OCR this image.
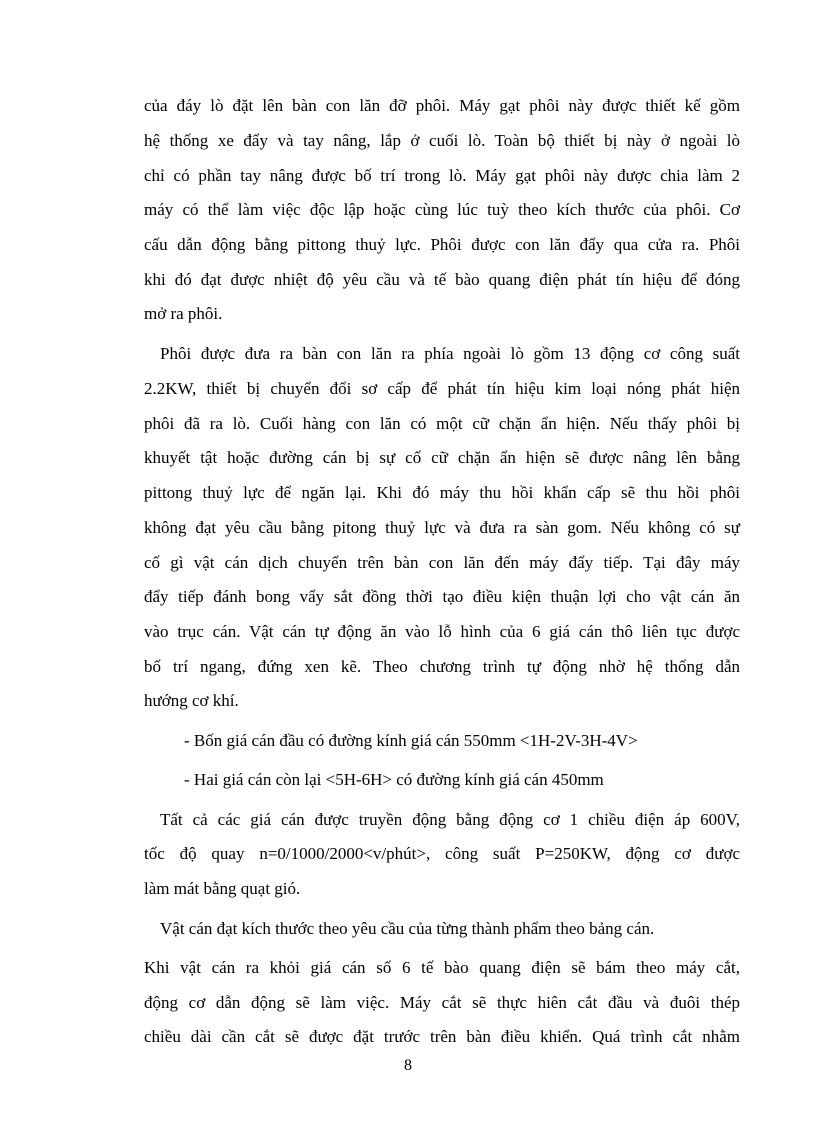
của đáy lò đặt lên bàn con lăn đỡ phôi. Máy gạt phôi này được thiết kế gồm
hệ thống xe đẩy và tay nâng, lắp ở cuối lò. Toàn bộ thiết bị này ở ngoài lò
chỉ có phần tay nâng được bố trí trong lò. Máy gạt phôi này được chia làm 2
máy có thể làm việc độc lập hoặc cùng lúc tuỳ theo kích thước của phôi. Cơ
cấu dẫn động bằng pittong thuỷ lực. Phôi được con lăn đẩy qua cửa ra. Phôi
khi đó đạt được nhiệt độ yêu cầu và tế bào quang điện phát tín hiệu để đóng
mở ra phôi.
Phôi được đưa ra bàn con lăn ra phía ngoài lò gồm 13 động cơ công suất
2.2KW, thiết bị chuyển đổi sơ cấp để phát tín hiệu kim loại nóng phát hiện
phôi đã ra lò. Cuối hàng con lăn có một cữ chặn ẩn hiện. Nếu thấy phôi bị
khuyết tật hoặc đường cán bị sự cố cữ chặn ẩn hiện sẽ được nâng lên bằng
pittong thuỷ lực để ngăn lại. Khi đó máy thu hồi khẩn cấp sẽ thu hồi phôi
không đạt yêu cầu bằng pitong thuỷ lực và đưa ra sàn gom. Nếu không có sự
cố gì vật cán dịch chuyển trên bàn con lăn đến máy đẩy tiếp. Tại đây máy
đẩy tiếp đánh bong vẩy sắt đồng thời tạo điều kiện thuận lợi cho vật cán ăn
vào trục cán. Vật cán tự động ăn vào lỗ hình của 6 giá cán thô liên tục được
bố trí ngang, đứng xen kẽ. Theo chương trình tự động nhờ hệ thống dẫn
hướng cơ khí.
- Bốn giá cán đầu có đường kính giá cán 550mm <1H-2V-3H-4V>
- Hai giá cán còn lại <5H-6H> có đường kính giá cán 450mm
Tất cả các giá cán được truyền động bằng động cơ 1 chiều điện áp 600V,
tốc độ quay n=0/1000/2000<v/phút>, công suất P=250KW, động cơ được
làm mát bằng quạt gió.
Vật cán đạt kích thước theo yêu cầu của từng thành phẩm theo bảng cán.
Khi vật cán ra khỏi giá cán số 6 tế bào quang điện sẽ bám theo máy cắt,
động cơ dẫn động sẽ làm việc. Máy cắt sẽ thực hiên cắt đầu và đuôi thép
chiều dài cần cắt sẽ được đặt trước trên bàn điều khiển. Quá trình cắt nhằm
8
